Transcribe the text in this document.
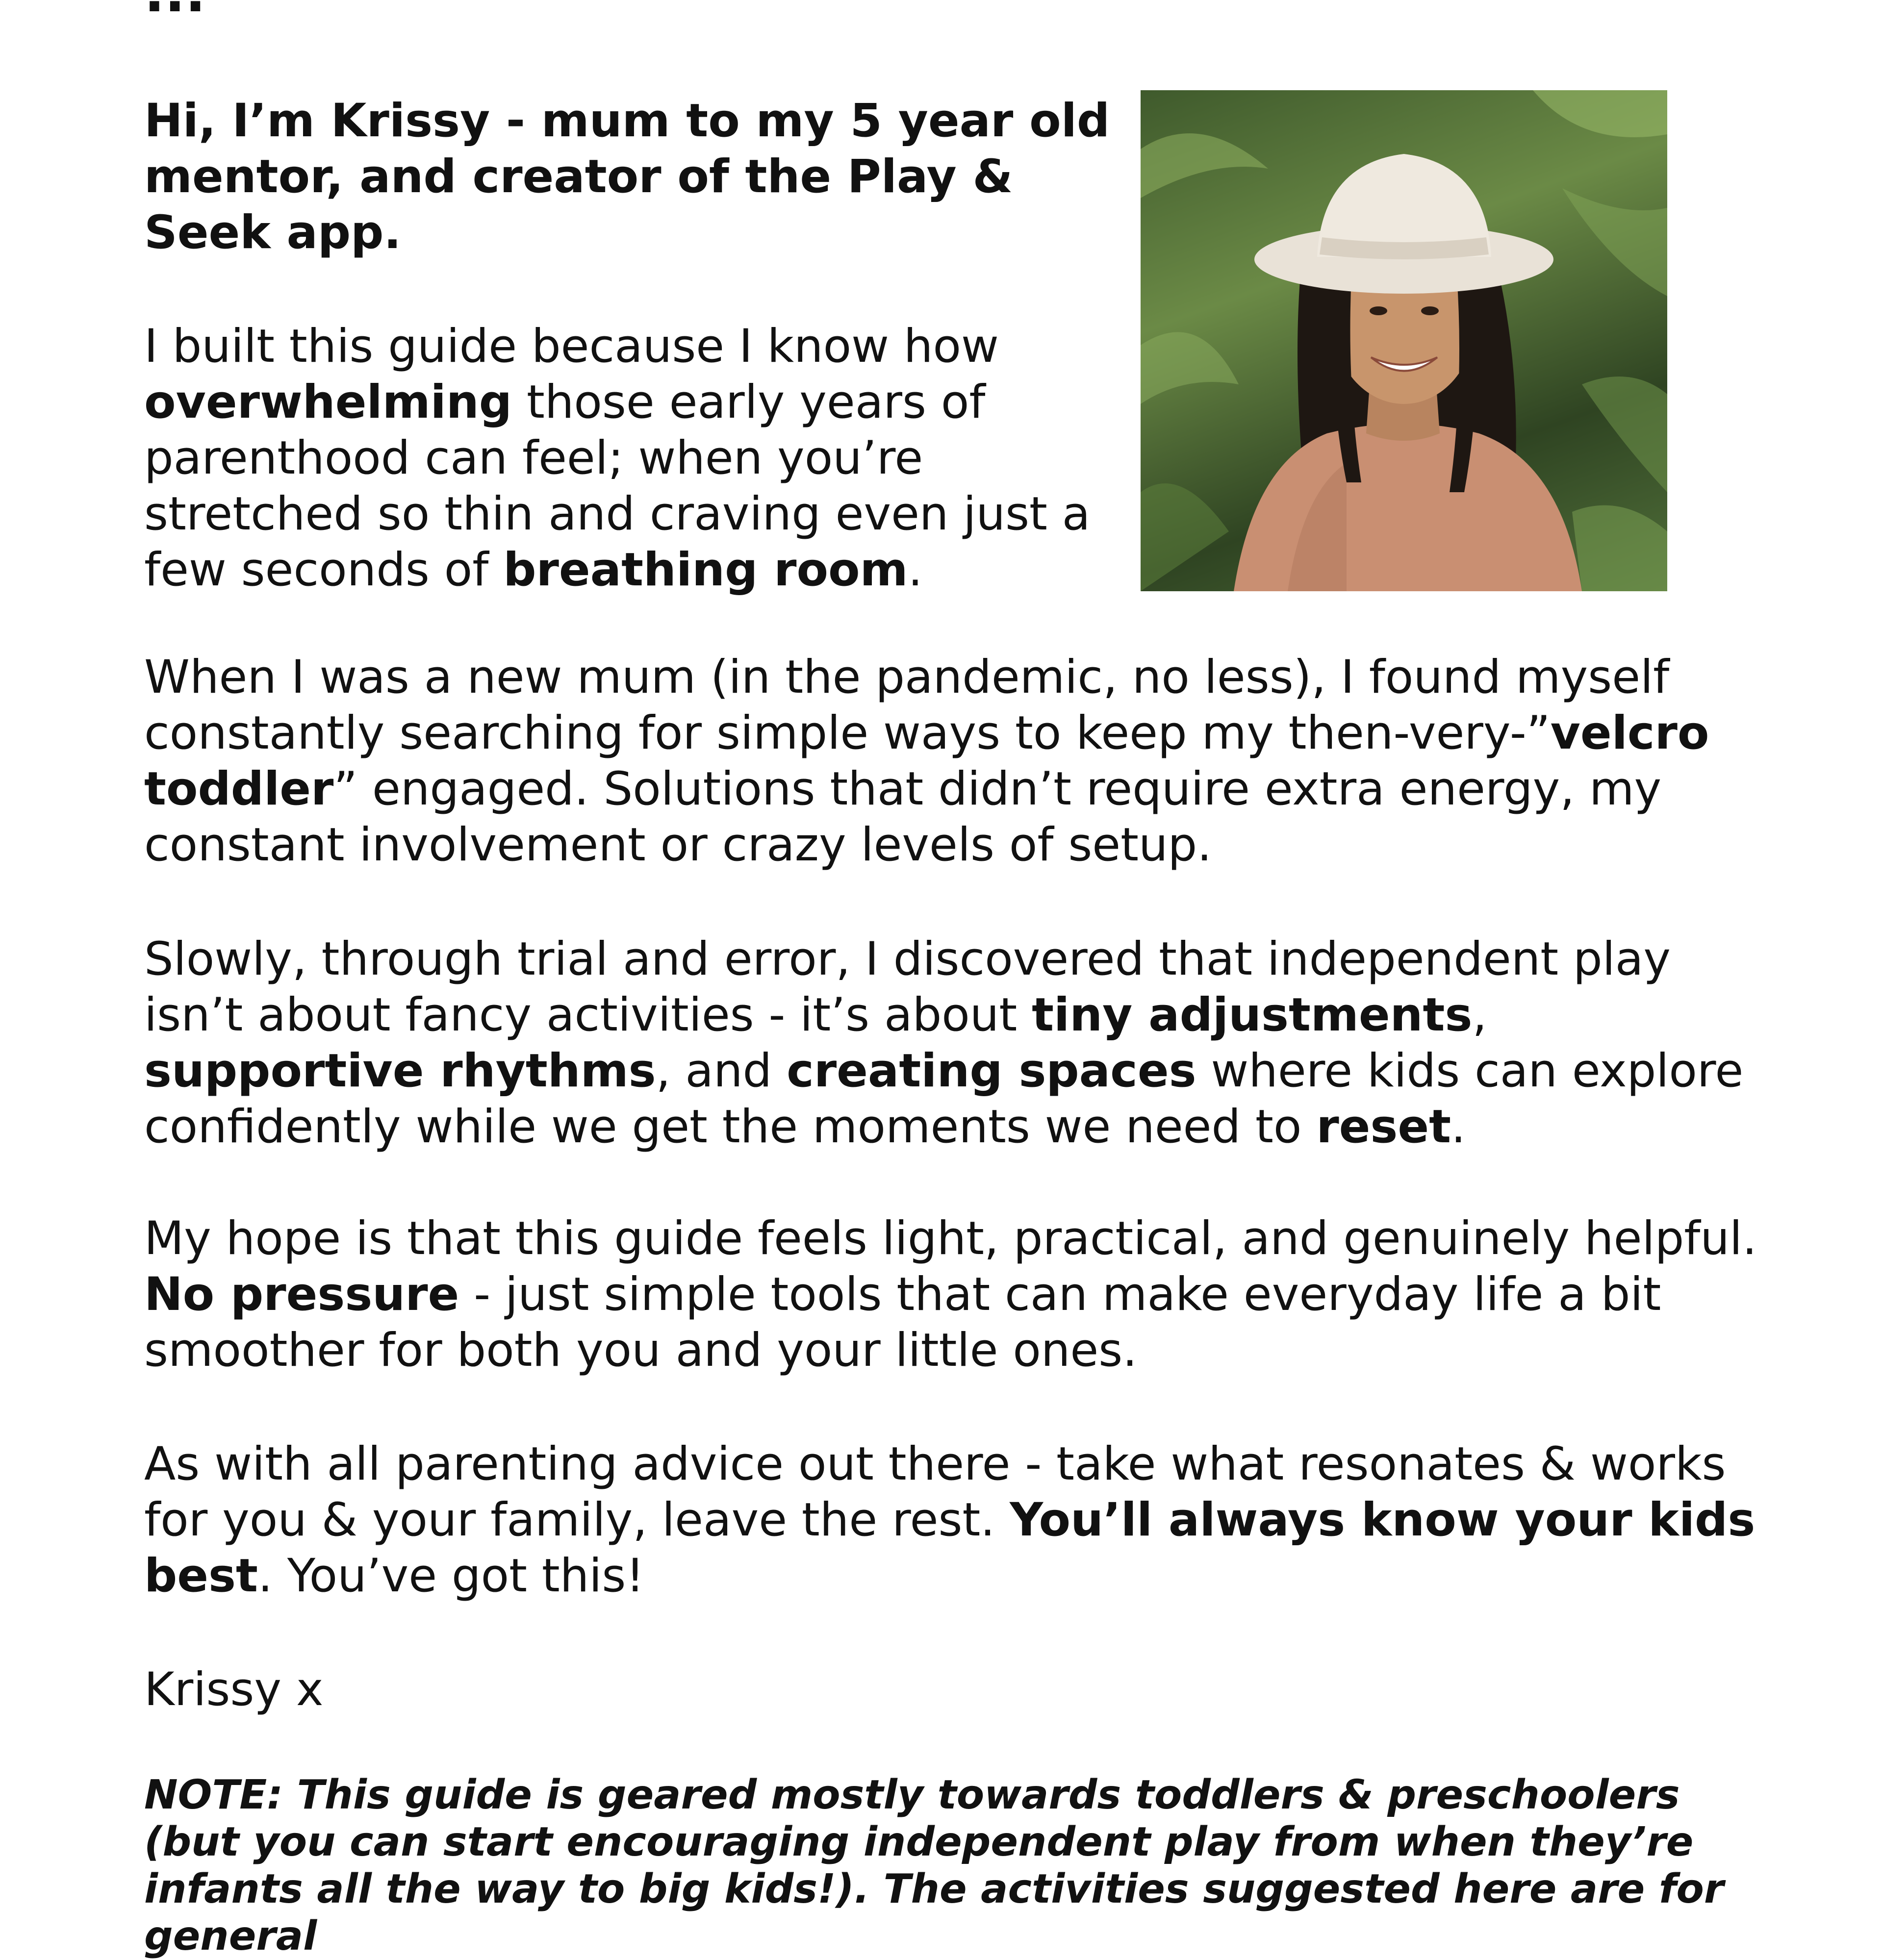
Hi, I’m Krissy - mum to my 5 year old mentor, and creator of the Play & Seek app.

I built this guide because I know how overwhelming those early years of parenthood can feel; when you’re stretched so thin and craving even just a few seconds of breathing room.

When I was a new mum (in the pandemic, no less), I found myself constantly searching for simple ways to keep my then-very-”velcro toddler” engaged. Solutions that didn’t require extra energy, my constant involvement or crazy levels of setup.

Slowly, through trial and error, I discovered that independent play isn’t about fancy activities - it’s about tiny adjustments, supportive rhythms, and creating spaces where kids can explore confidently while we get the moments we need to reset.

My hope is that this guide feels light, practical, and genuinely helpful. No pressure - just simple tools that can make everyday life a bit smoother for both you and your little ones.

As with all parenting advice out there - take what resonates & works for you & your family, leave the rest. You’ll always know your kids best. You’ve got this!

Krissy x

NOTE: This guide is geared mostly towards toddlers & preschoolers (but you can start encouraging independent play from when they’re infants all the way to big kids!). The activities suggested here are for general
